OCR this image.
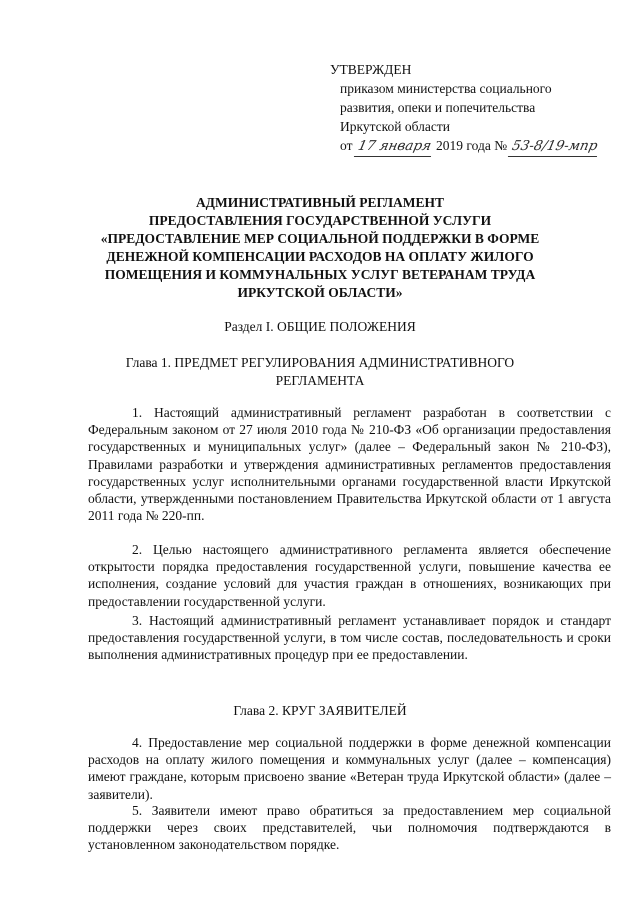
УТВЕРЖДЕН
приказом министерства социального
развития, опеки и попечительства
Иркутской области
от 17 января 2019 года № 53-8/19-мпр
АДМИНИСТРАТИВНЫЙ РЕГЛАМЕНТ
ПРЕДОСТАВЛЕНИЯ ГОСУДАРСТВЕННОЙ УСЛУГИ
«ПРЕДОСТАВЛЕНИЕ МЕР СОЦИАЛЬНОЙ ПОДДЕРЖКИ В ФОРМЕ
ДЕНЕЖНОЙ КОМПЕНСАЦИИ РАСХОДОВ НА ОПЛАТУ ЖИЛОГО
ПОМЕЩЕНИЯ И КОММУНАЛЬНЫХ УСЛУГ ВЕТЕРАНАМ ТРУДА
ИРКУТСКОЙ ОБЛАСТИ»
Раздел I. ОБЩИЕ ПОЛОЖЕНИЯ
Глава 1. ПРЕДМЕТ РЕГУЛИРОВАНИЯ АДМИНИСТРАТИВНОГО
РЕГЛАМЕНТА
1. Настоящий административный регламент разработан в соответствии с Федеральным законом от 27 июля 2010 года № 210-ФЗ «Об организации предоставления государственных и муниципальных услуг» (далее – Федеральный закон № 210-ФЗ), Правилами разработки и утверждения административных регламентов предоставления государственных услуг исполнительными органами государственной власти Иркутской области, утвержденными постановлением Правительства Иркутской области от 1 августа 2011 года № 220-пп.
2. Целью настоящего административного регламента является обеспечение открытости порядка предоставления государственной услуги, повышение качества ее исполнения, создание условий для участия граждан в отношениях, возникающих при предоставлении государственной услуги.
3. Настоящий административный регламент устанавливает порядок и стандарт предоставления государственной услуги, в том числе состав, последовательность и сроки выполнения административных процедур при ее предоставлении.
Глава 2. КРУГ ЗАЯВИТЕЛЕЙ
4. Предоставление мер социальной поддержки в форме денежной компенсации расходов на оплату жилого помещения и коммунальных услуг (далее – компенсация) имеют граждане, которым присвоено звание «Ветеран труда Иркутской области» (далее – заявители).
5. Заявители имеют право обратиться за предоставлением мер социальной поддержки через своих представителей, чьи полномочия подтверждаются в установленном законодательством порядке.
